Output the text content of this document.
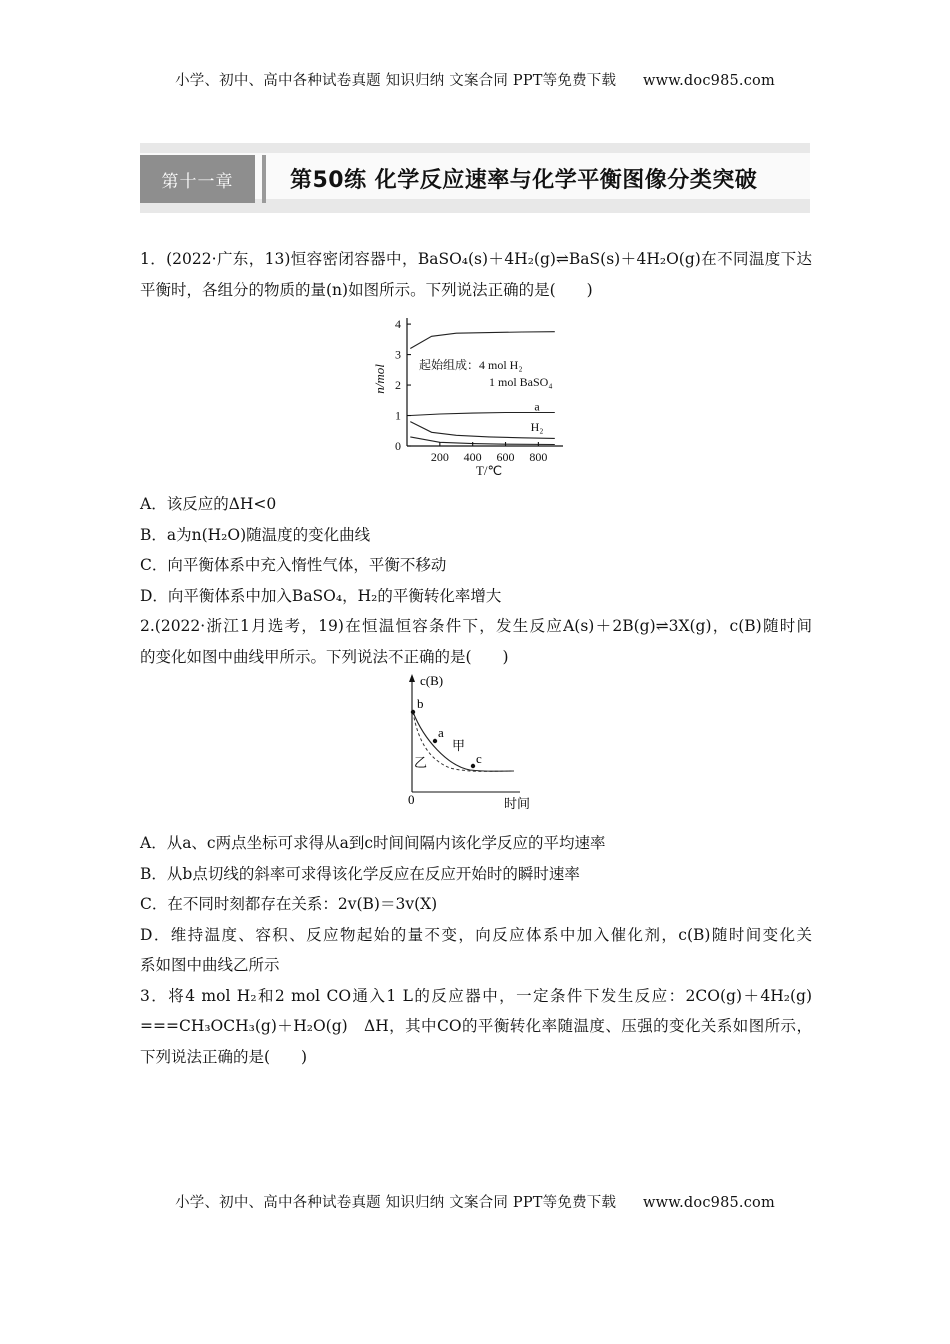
小学、初中、高中各种试卷真题 知识归纳 文案合同 PPT等免费下载 www.doc985.com
第十一章	第50练 化学反应速率与化学平衡图像分类突破
1．(2022·广东，13)恒容密闭容器中，BaSO₄(s)＋4H₂(g)⇌BaS(s)＋4H₂O(g)在不同温度下达
平衡时，各组分的物质的量(n)如图所示。下列说法正确的是(　　)
A．该反应的ΔH<0
B．a为n(H₂O)随温度的变化曲线
C．向平衡体系中充入惰性气体，平衡不移动
D．向平衡体系中加入BaSO₄，H₂的平衡转化率增大
2.(2022·浙江1月选考，19)在恒温恒容条件下，发生反应A(s)＋2B(g)⇌3X(g)，c(B)随时间
的变化如图中曲线甲所示。下列说法不正确的是(　　)
A．从a、c两点坐标可求得从a到c时间间隔内该化学反应的平均速率
B．从b点切线的斜率可求得该化学反应在反应开始时的瞬时速率
C．在不同时刻都存在关系：2v(B)＝3v(X)
D．维持温度、容积、反应物起始的量不变，向反应体系中加入催化剂，c(B)随时间变化关
系如图中曲线乙所示
3．将4 mol H₂和2 mol CO通入1 L的反应器中，一定条件下发生反应：2CO(g)＋4H₂(g)
===CH₃OCH₃(g)＋H₂O(g)　ΔH，其中CO的平衡转化率随温度、压强的变化关系如图所示，
下列说法正确的是(　　)
0
1
2
3
4
200 400 600 800
n/mol
T/℃
起始组成：4 mol H₂
1 mol BaSO₄
a
H₂
c(B)
b
a
甲
c
乙
0	时间
小学、初中、高中各种试卷真题 知识归纳 文案合同 PPT等免费下载 www.doc985.com
